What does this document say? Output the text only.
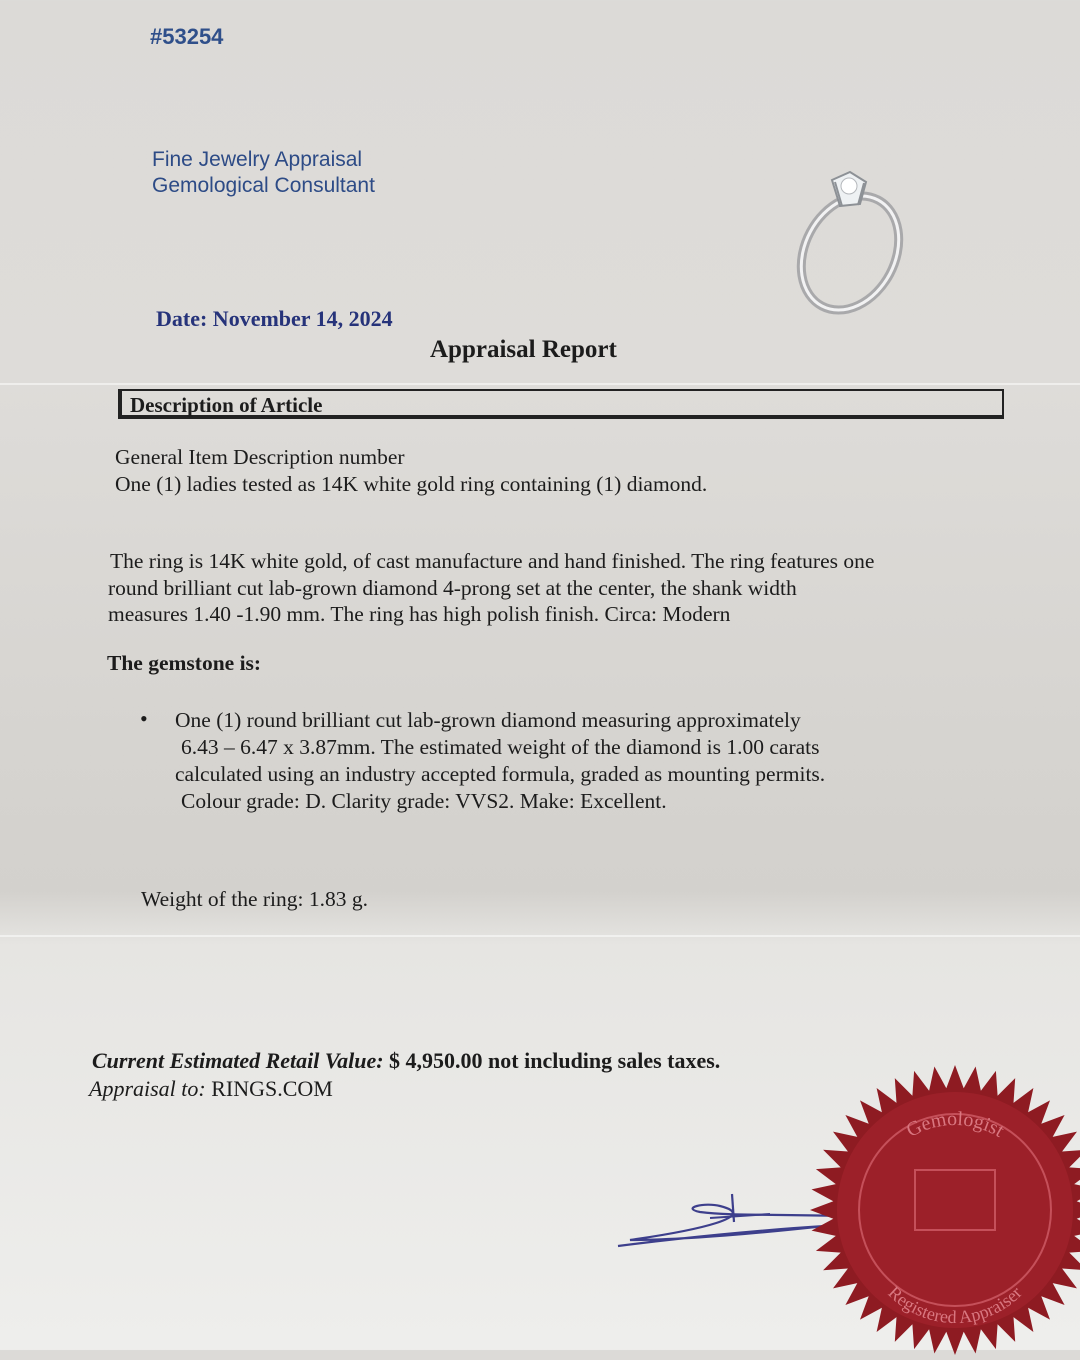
#53254
Fine Jewelry Appraisal
Gemological Consultant
Date: November 14, 2024
Appraisal Report
Description of Article
General Item Description number
One (1) ladies tested as 14K white gold ring containing (1) diamond.
The ring is 14K white gold, of cast manufacture and hand finished. The ring features one
round brilliant cut lab-grown diamond 4-prong set at the center, the shank width
measures 1.40 -1.90 mm. The ring has high polish finish. Circa: Modern
The gemstone is:
• One (1) round brilliant cut lab-grown diamond measuring approximately
6.43 – 6.47 x 3.87mm. The estimated weight of the diamond is 1.00 carats
calculated using an industry accepted formula, graded as mounting permits.
Colour grade: D. Clarity grade: VVS2. Make: Excellent.
Weight of the ring: 1.83 g.
Current Estimated Retail Value: $ 4,950.00 not including sales taxes.
Appraisal to: RINGS.COM
Gemologist
Registered Appraiser
